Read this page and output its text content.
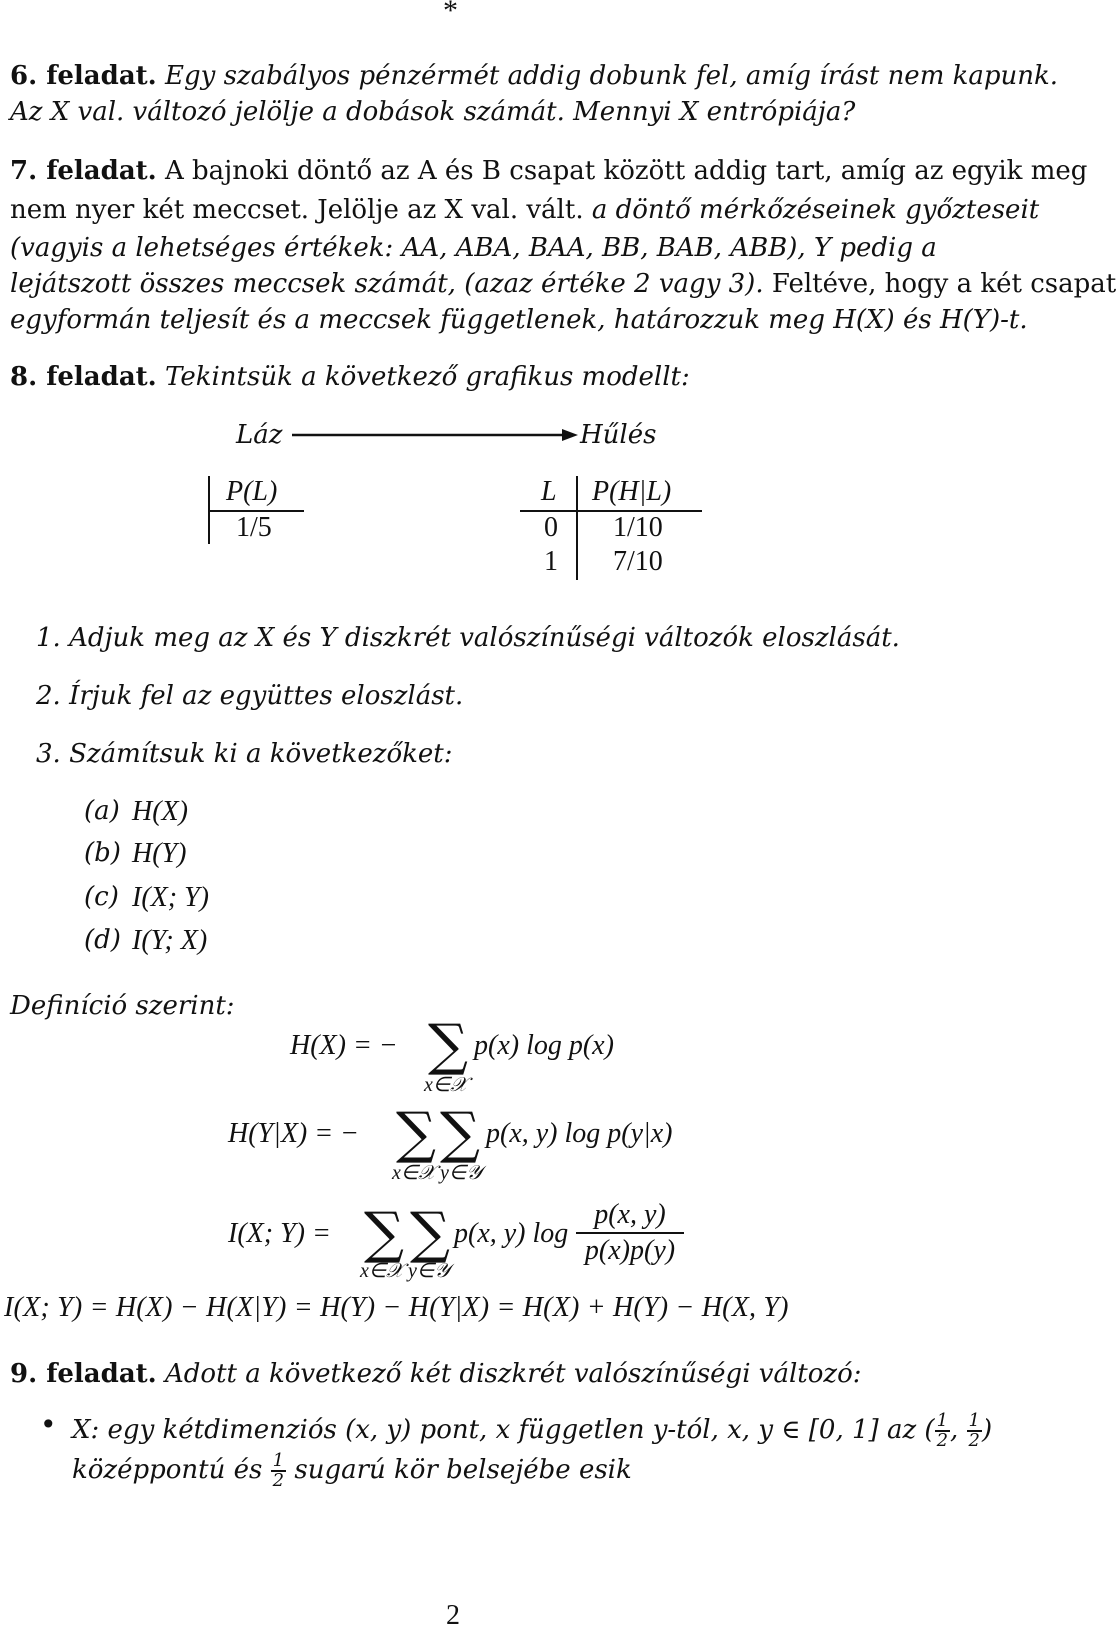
*
6. feladat. Egy szabályos pénzérmét addig dobunk fel, amíg írást nem kapunk.
Az X val. változó jelölje a dobások számát. Mennyi X entrópiája?
7. feladat. A bajnoki döntő az A és B csapat között addig tart, amíg az egyik meg
nem nyer két meccset. Jelölje az X val. vált. a döntő mérkőzéseinek győzteseit
(vagyis a lehetséges értékek: AA, ABA, BAA, BB, BAB, ABB), Y pedig a
lejátszott összes meccsek számát, (azaz értéke 2 vagy 3). Feltéve, hogy a két csapat
egyformán teljesít és a meccsek függetlenek, határozzuk meg H(X) és H(Y)-t.
8. feladat. Tekintsük a következő grafikus modellt:
Láz	Hűlés
P(L)
1/5
L P(H|L)
0 1/10
1 7/10
1. Adjuk meg az X és Y diszkrét valószínűségi változók eloszlását.
2. Írjuk fel az együttes eloszlást.
3. Számítsuk ki a következőket:
(a) H(X)
(b) H(Y)
(c) I(X; Y)
(d) I(Y; X)
Definíció szerint:
H(X) = − ∑
x∈𝒳
p(x) log p(x)
H(Y|X) = − ∑ ∑
x∈𝒳 y∈𝒴
p(x, y) log p(y|x)
I(X; Y) = ∑ ∑
x∈𝒳 y∈𝒴
p(x, y) $\log \frac{p(x, y)}{p(x)p(y)}$
I(X; Y) = H(X) − H(X|Y) = H(Y) − H(Y|X) = H(X) + H(Y) − H(X, Y)
9. feladat. Adott a következő két diszkrét valószínűségi változó:
• X: egy kétdimenziós (x, y) pont, x független y-tól, x, y ∈ [0, 1] az ( $\frac{1}{2}$ , $\frac{1}{2}$ )
középpontú és $\frac{1}{2}$ sugarú kör belsejébe esik
2
